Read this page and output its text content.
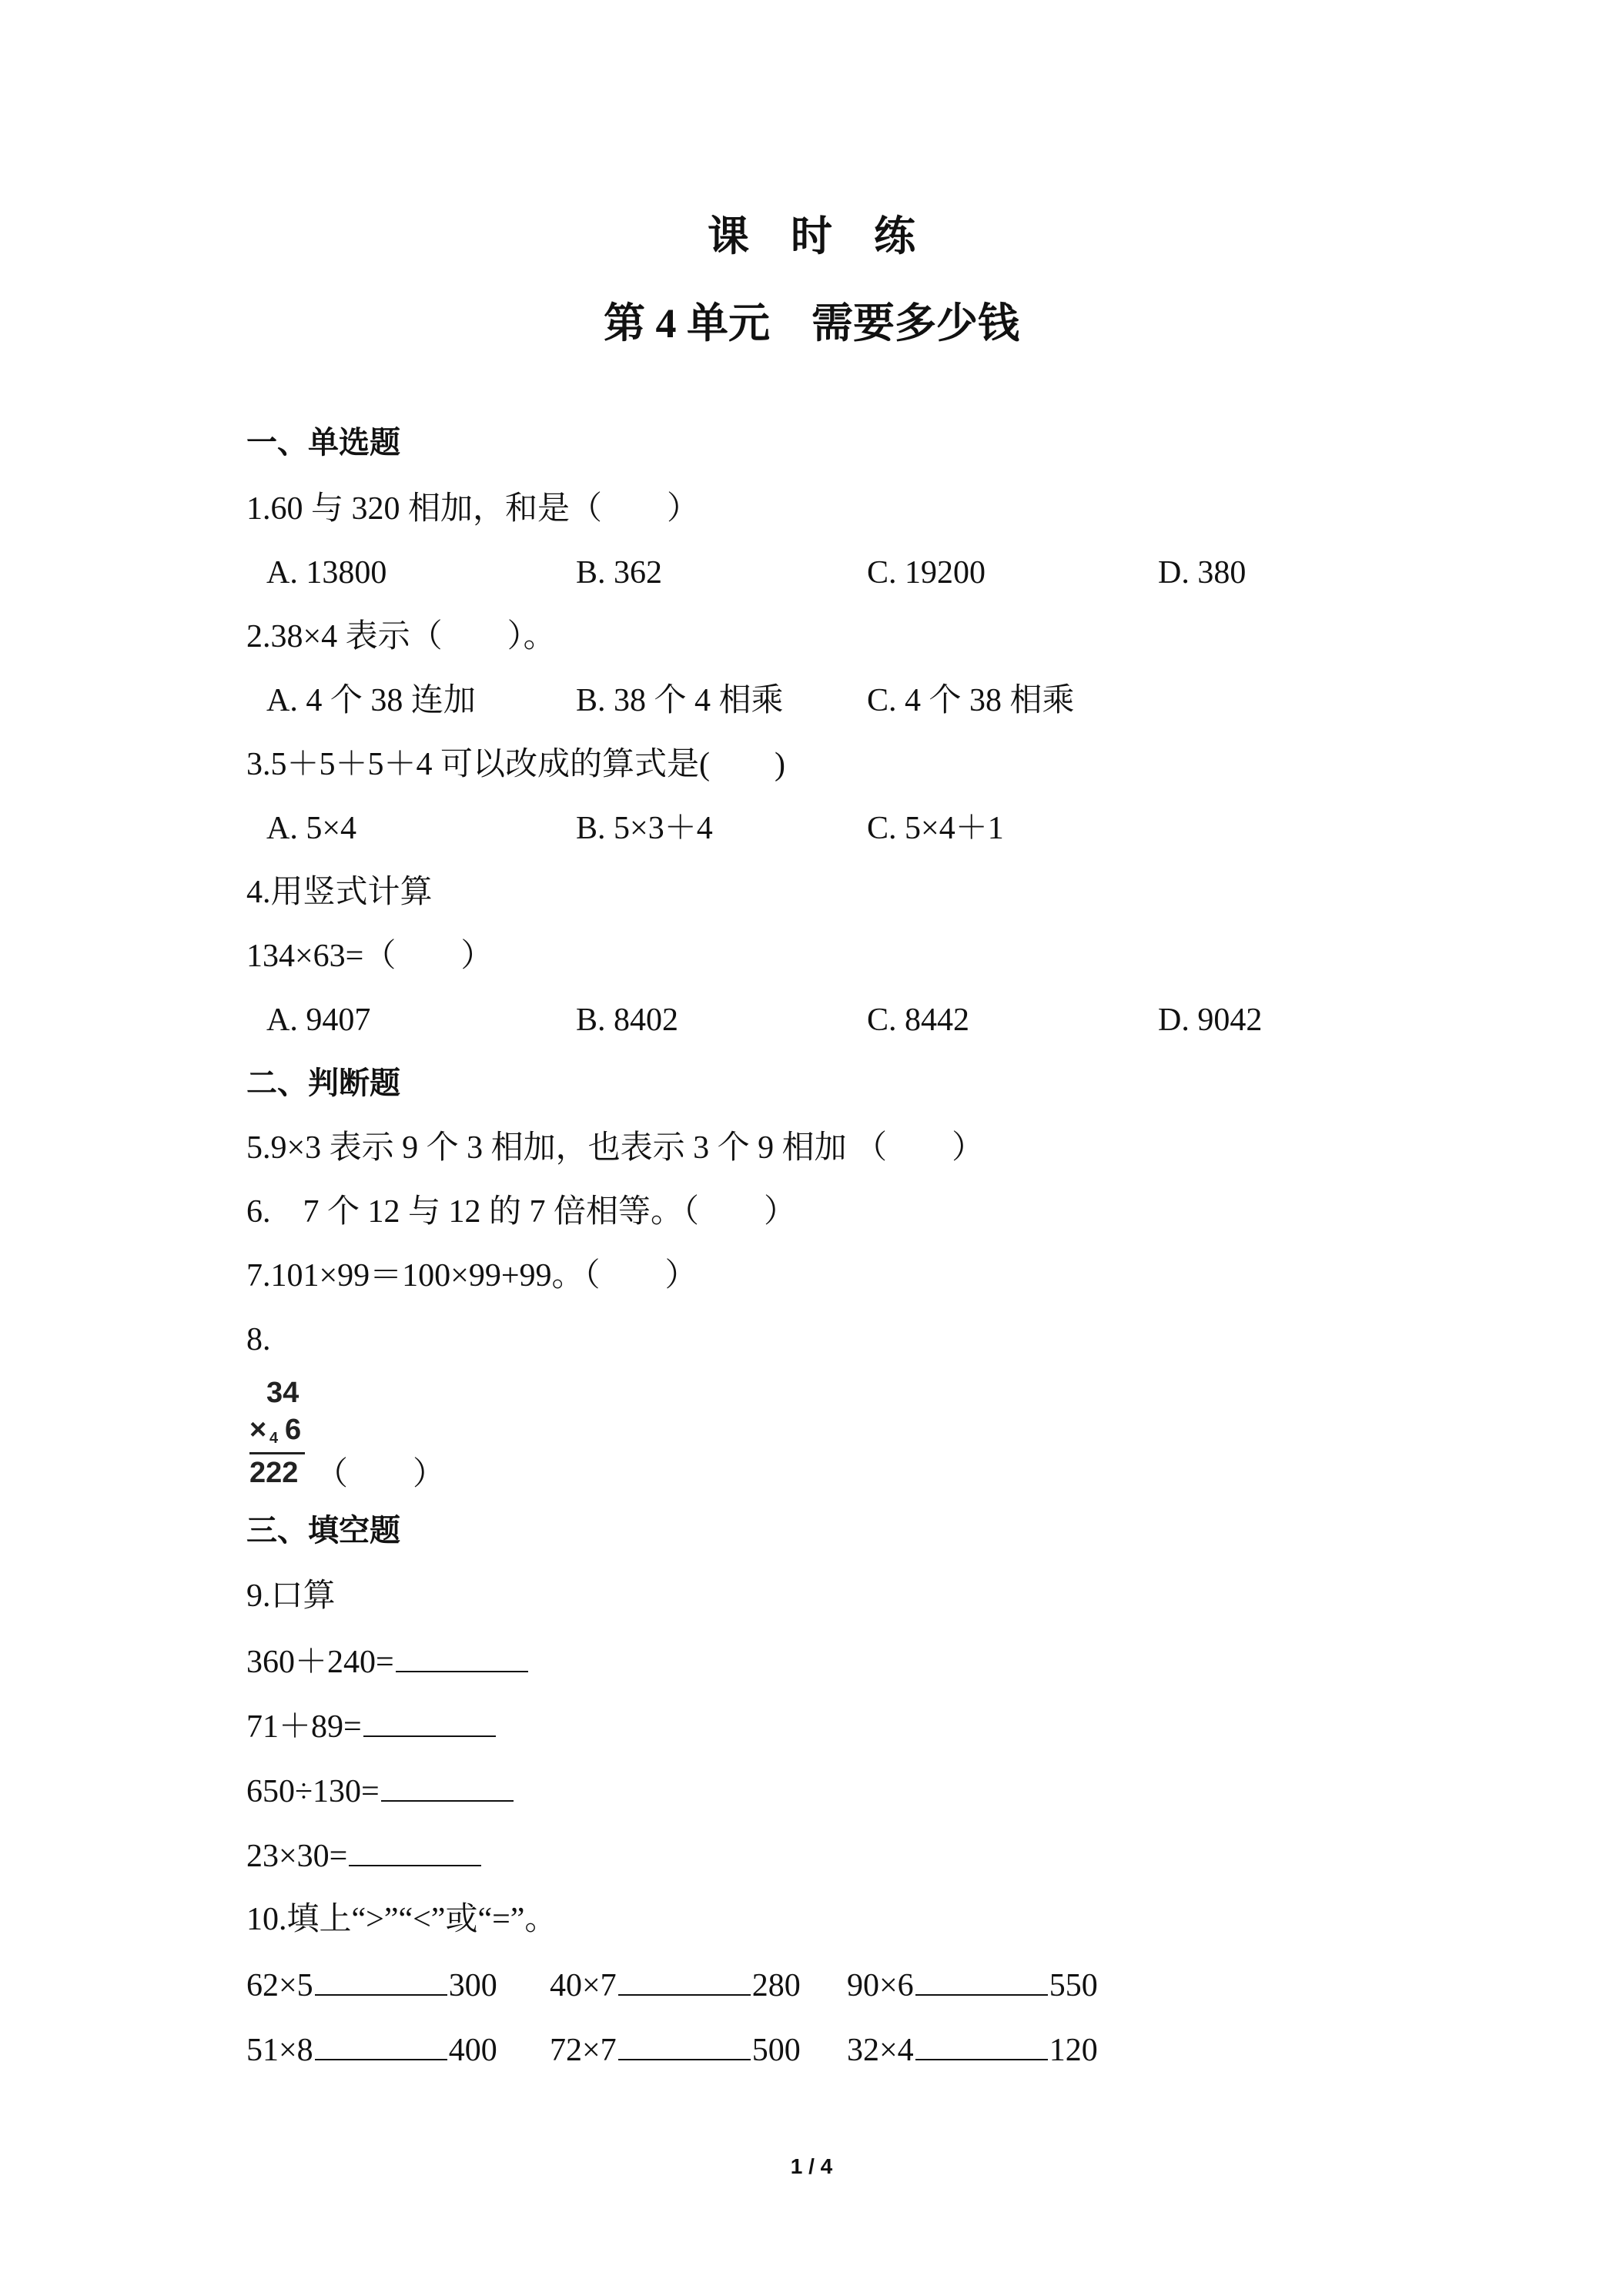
课　时　练
第 4 单元　需要多少钱
一、单选题
1.60 与 320 相加，和是（　　）
A. 13800	B. 362	C. 19200	D. 380
2.38×4 表示（　　）。
A. 4 个 38 连加	B. 38 个 4 相乘	C. 4 个 38 相乘
3.5＋5＋5＋4 可以改成的算式是(　　)
A. 5×4	B. 5×3＋4	C. 5×4＋1
4.用竖式计算
134×63=（　　）
A. 9407	B. 8402	C. 8442	D. 9042
二、判断题
5.9×3 表示 9 个 3 相加，也表示 3 个 9 相加 （　　）
6.　7 个 12 与 12 的 7 倍相等。（　　）
7.101×99＝100×99+99。（　　）
8.
34
× 4 6
222 （　　）
三、填空题
9.口算
360＋240=
71＋89=
650÷130=
23×30=
10.填上“>”“<”或“=”。
62×5	300 40×7	280 90×6	550
51×8	400 72×7	500 32×4	120
1 / 4
